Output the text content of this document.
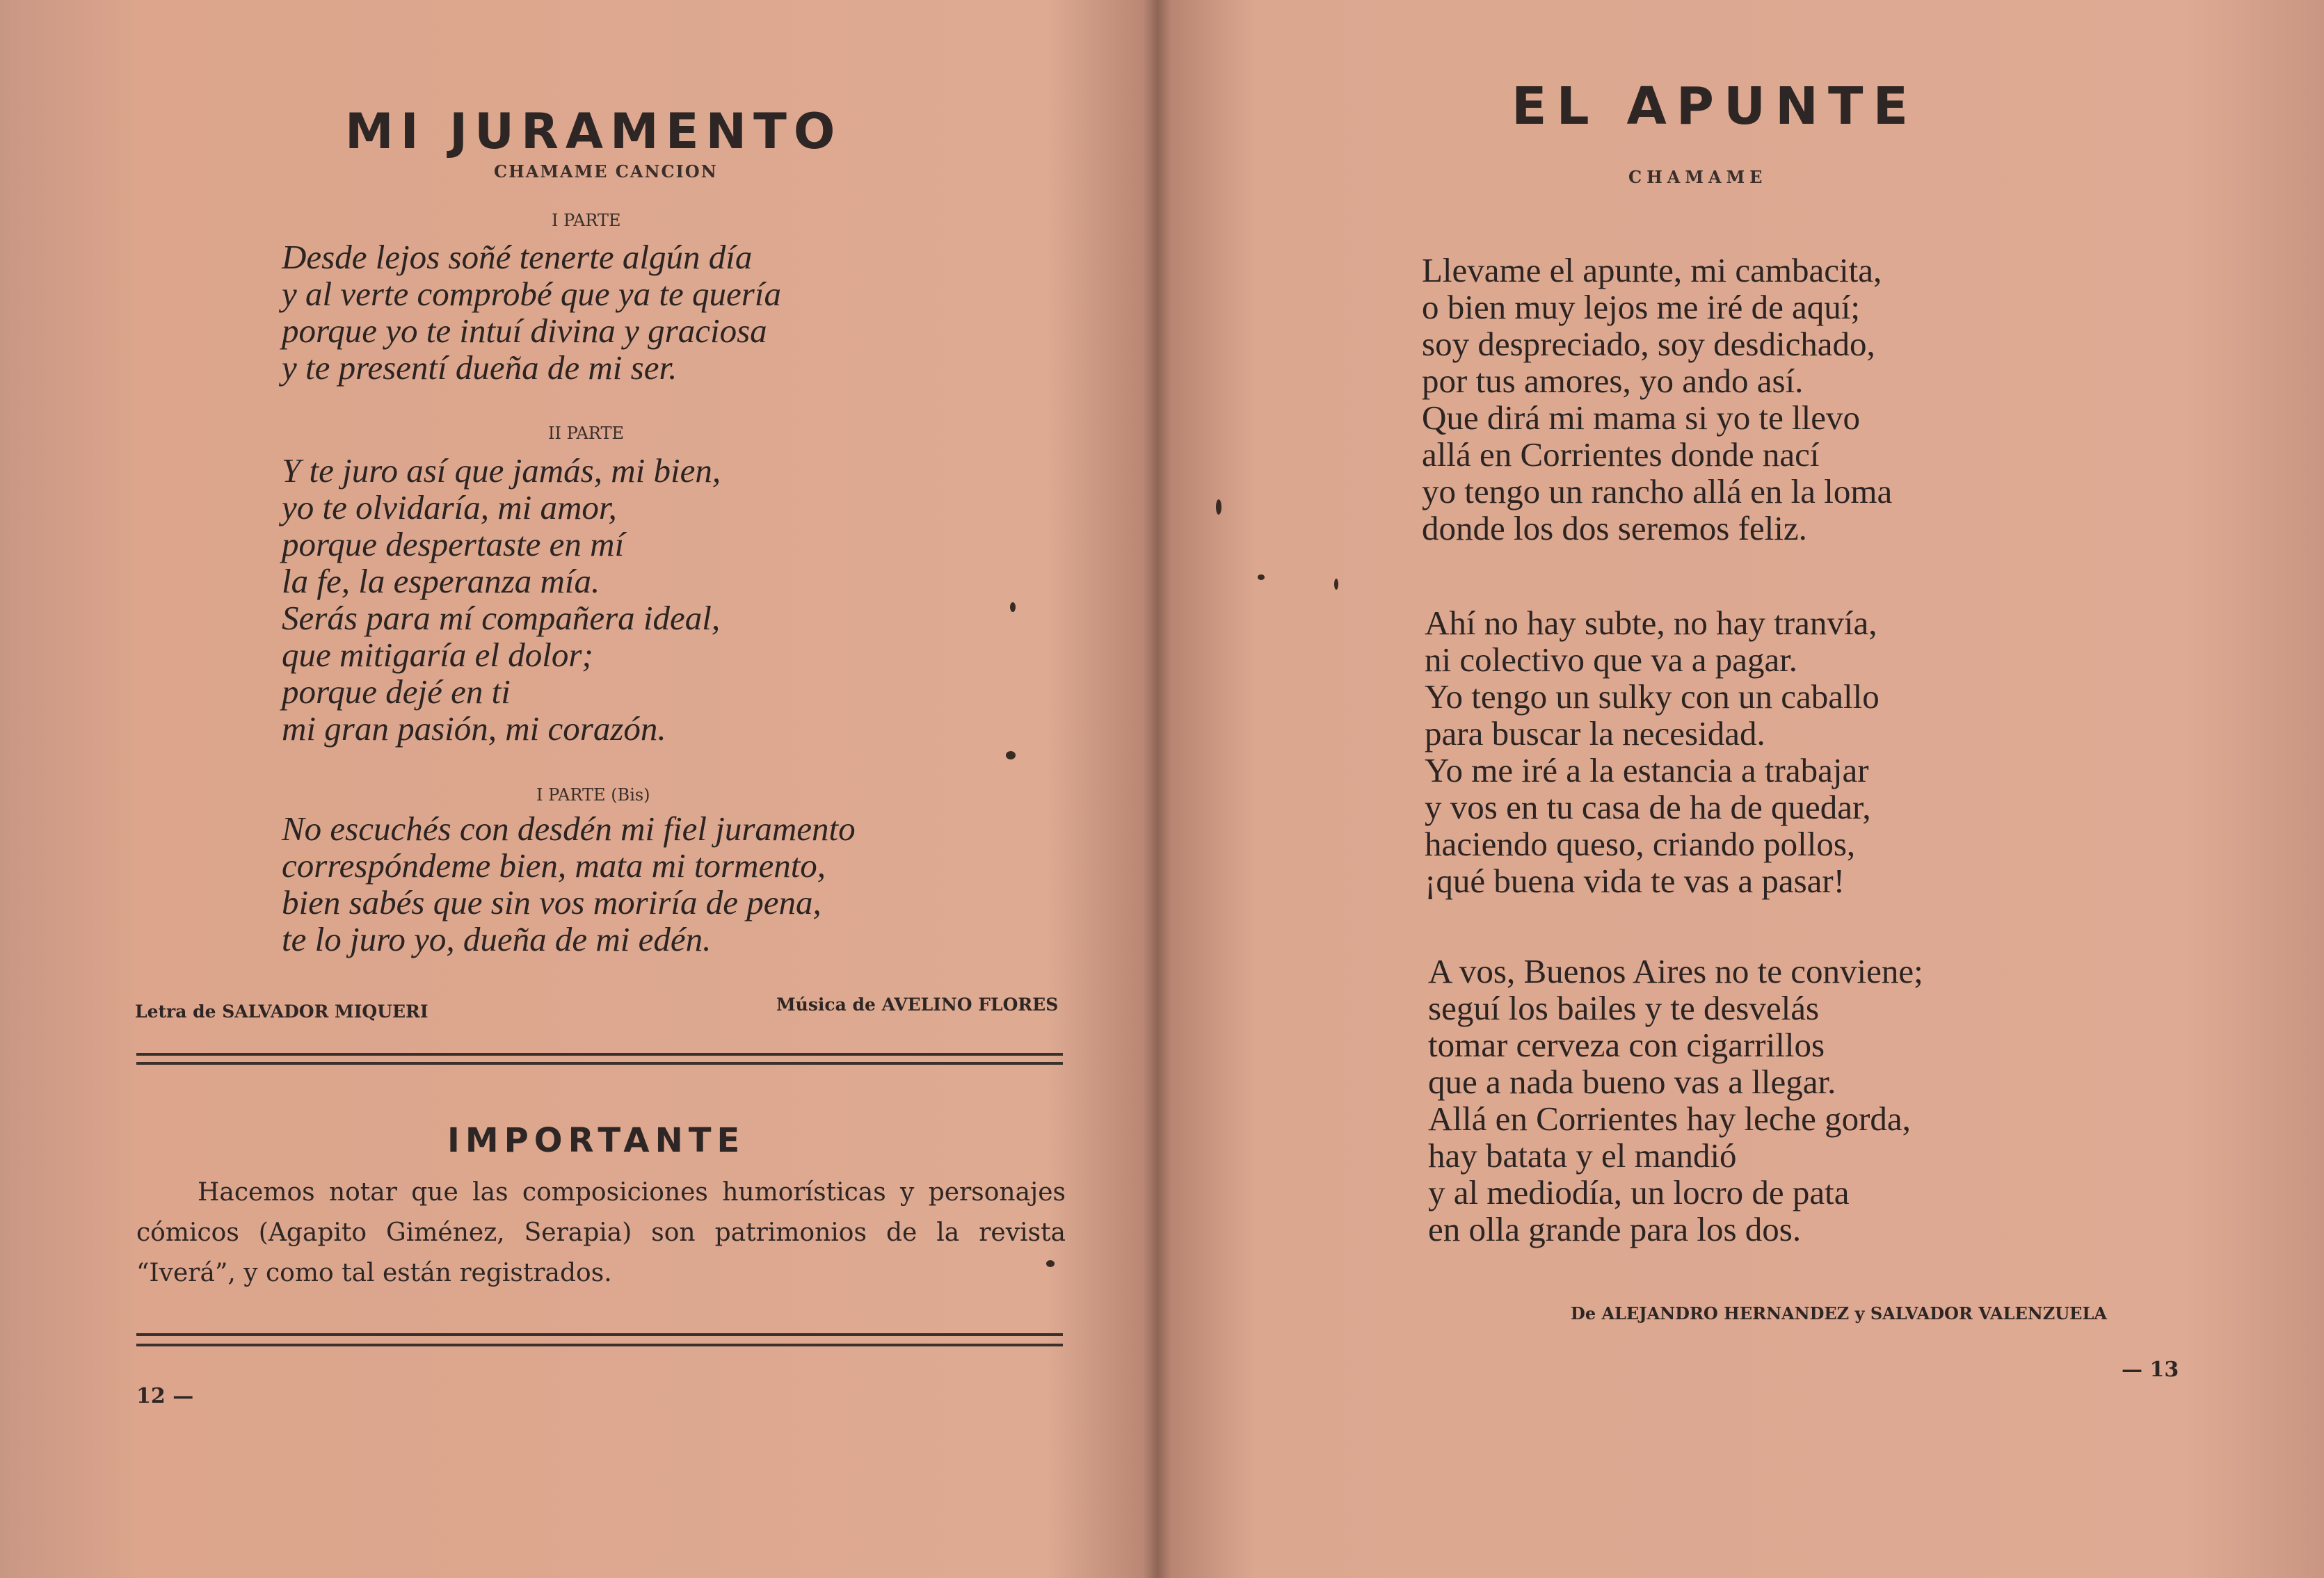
MI JURAMENTO
CHAMAME CANCION
I PARTE
Desde lejos soñé tenerte algún día
y al verte comprobé que ya te quería
porque yo te intuí divina y graciosa
y te presentí dueña de mi ser.
II PARTE
Y te juro así que jamás, mi bien,
yo te olvidaría, mi amor,
porque despertaste en mí
la fe, la esperanza mía.
Serás para mí compañera ideal,
que mitigaría el dolor;
porque dejé en ti
mi gran pasión, mi corazón.
I PARTE (Bis)
No escuchés con desdén mi fiel juramento
correspóndeme bien, mata mi tormento,
bien sabés que sin vos moriría de pena,
te lo juro yo, dueña de mi edén.
Letra de SALVADOR MIQUERI	Música de AVELINO FLORES
IMPORTANTE
Hacemos notar que las composiciones humorísticas y personajes cómicos (Agapito Giménez, Serapia) son patrimonios de la revista “Iverá”, y como tal están registrados.
12 —
EL APUNTE
CHAMAME
Llevame el apunte, mi cambacita,
o bien muy lejos me iré de aquí;
soy despreciado, soy desdichado,
por tus amores, yo ando así.
Que dirá mi mama si yo te llevo
allá en Corrientes donde nací
yo tengo un rancho allá en la loma
donde los dos seremos feliz.
Ahí no hay subte, no hay tranvía,
ni colectivo que va a pagar.
Yo tengo un sulky con un caballo
para buscar la necesidad.
Yo me iré a la estancia a trabajar
y vos en tu casa de ha de quedar,
haciendo queso, criando pollos,
¡qué buena vida te vas a pasar!
A vos, Buenos Aires no te conviene;
seguí los bailes y te desvelás
tomar cerveza con cigarrillos
que a nada bueno vas a llegar.
Allá en Corrientes hay leche gorda,
hay batata y el mandió
y al mediodía, un locro de pata
en olla grande para los dos.
De ALEJANDRO HERNANDEZ y SALVADOR VALENZUELA
— 13
